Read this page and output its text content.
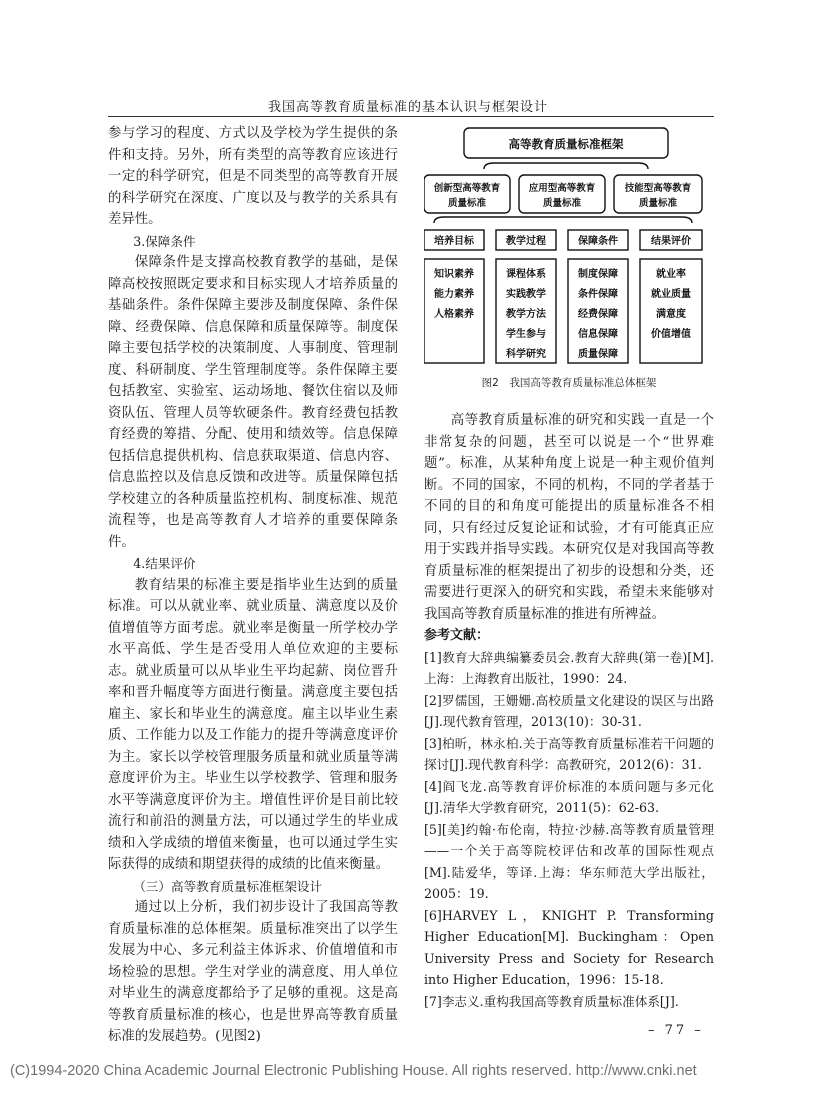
我国高等教育质量标准的基本认识与框架设计

参与学习的程度、方式以及学校为学生提供的条件和支持。另外，所有类型的高等教育应该进行一定的科学研究，但是不同类型的高等教育开展的科学研究在深度、广度以及与教学的关系具有差异性。

3.保障条件

保障条件是支撑高校教育教学的基础，是保障高校按照既定要求和目标实现人才培养质量的基础条件。条件保障主要涉及制度保障、条件保障、经费保障、信息保障和质量保障等。制度保障主要包括学校的决策制度、人事制度、管理制度、科研制度、学生管理制度等。条件保障主要包括教室、实验室、运动场地、餐饮住宿以及师资队伍、管理人员等软硬条件。教育经费包括教育经费的筹措、分配、使用和绩效等。信息保障包括信息提供机构、信息获取渠道、信息内容、信息监控以及信息反馈和改进等。质量保障包括学校建立的各种质量监控机构、制度标准、规范流程等，也是高等教育人才培养的重要保障条件。

4.结果评价

教育结果的标准主要是指毕业生达到的质量标准。可以从就业率、就业质量、满意度以及价值增值等方面考虑。就业率是衡量一所学校办学水平高低、学生是否受用人单位欢迎的主要标志。就业质量可以从毕业生平均起薪、岗位晋升率和晋升幅度等方面进行衡量。满意度主要包括雇主、家长和毕业生的满意度。雇主以毕业生素质、工作能力以及工作能力的提升等满意度评价为主。家长以学校管理服务质量和就业质量等满意度评价为主。毕业生以学校教学、管理和服务水平等满意度评价为主。增值性评价是目前比较流行和前沿的测量方法，可以通过学生的毕业成绩和入学成绩的增值来衡量，也可以通过学生实际获得的成绩和期望获得的成绩的比值来衡量。

（三）高等教育质量标准框架设计

通过以上分析，我们初步设计了我国高等教育质量标准的总体框架。质量标准突出了以学生发展为中心、多元利益主体诉求、价值增值和市场检验的思想。学生对学业的满意度、用人单位对毕业生的满意度都给予了足够的重视。这是高等教育质量标准的核心，也是世界高等教育质量标准的发展趋势。(见图2)

高等教育质量标准框架
创新型高等教育
质量标准
应用型高等教育
质量标准
技能型高等教育
质量标准
培养目标	教学过程	保障条件	结果评价
知识素养
能力素养
人格素养
课程体系
实践教学
教学方法
学生参与
科学研究
制度保障
条件保障
经费保障
信息保障
质量保障
就业率
就业质量
满意度
价值增值
图2　我国高等教育质量标准总体框架

高等教育质量标准的研究和实践一直是一个非常复杂的问题，甚至可以说是一个“世界难题”。标准，从某种角度上说是一种主观价值判断。不同的国家，不同的机构，不同的学者基于不同的目的和角度可能提出的质量标准各不相同，只有经过反复论证和试验，才有可能真正应用于实践并指导实践。本研究仅是对我国高等教育质量标准的框架提出了初步的设想和分类，还需要进行更深入的研究和实践，希望未来能够对我国高等教育质量标准的推进有所裨益。

参考文献：

[1]教育大辞典编纂委员会.教育大辞典(第一卷)[M].上海：上海教育出版社，1990：24.

[2]罗儒国，王姗姗.高校质量文化建设的误区与出路[J].现代教育管理，2013(10)：30-31.

[3]柏昕，林永柏.关于高等教育质量标准若干问题的探讨[J].现代教育科学：高教研究，2012(6)：31.

[4]阎飞龙.高等教育评价标准的本质问题与多元化[J].清华大学教育研究，2011(5)：62-63.

[5][美]约翰·布伦南，特拉·沙赫.高等教育质量管理——一个关于高等院校评估和改革的国际性观点[M].陆爱华，等译.上海：华东师范大学出版社，2005：19.

[6]HARVEY L，KNIGHT P. Transforming Higher Education[M]. Buckingham：Open University Press and Society for Research into Higher Education，1996：15-18.

[7]李志义.重构我国高等教育质量标准体系[J].

– 77 –
(C)1994-2020 China Academic Journal Electronic Publishing House. All rights reserved. http://www.cnki.net
